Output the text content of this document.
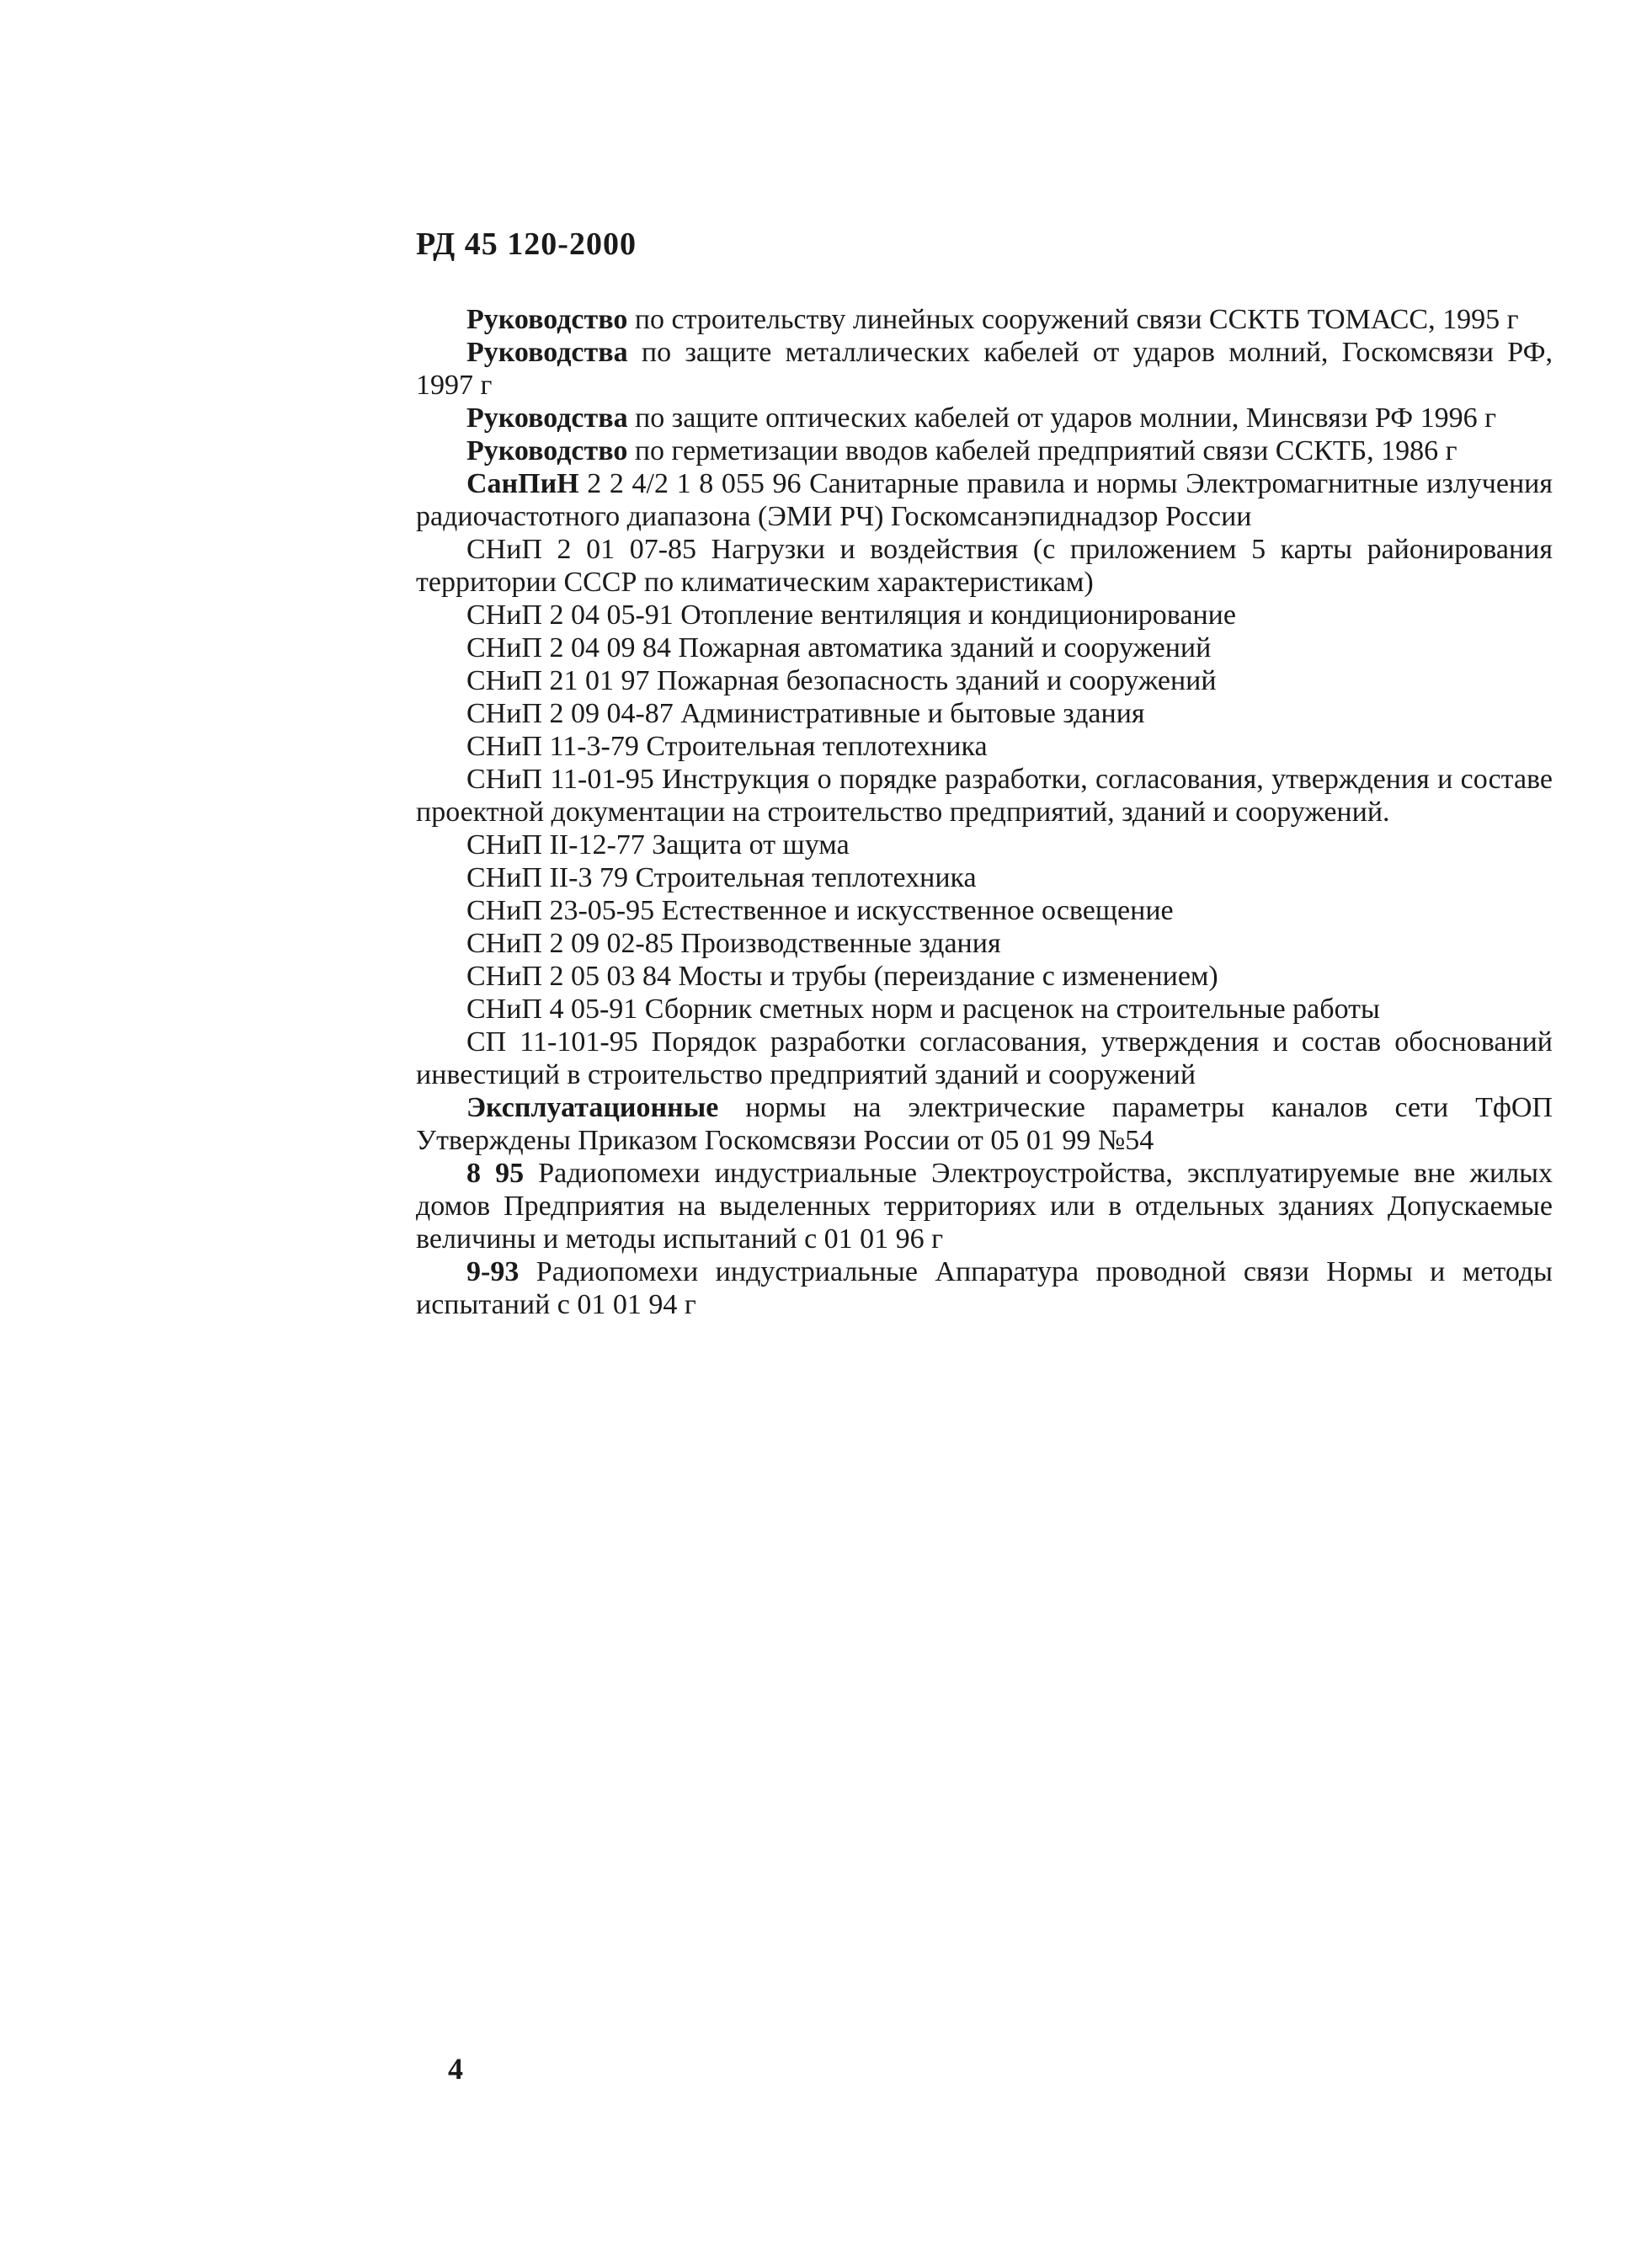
РД 45 120-2000

Руководство по строительству линейных сооружений связи ССКТБ ТОМАСС, 1995 г

Руководства по защите металлических кабелей от ударов молний, Госкомсвязи РФ, 1997 г

Руководства по защите оптических кабелей от ударов молнии, Минсвязи РФ 1996 г

Руководство по герметизации вводов кабелей предприятий связи ССКТБ, 1986 г

СанПиН 2 2 4/2 1 8 055 96 Санитарные правила и нормы Электромагнитные излучения радиочастотного диапазона (ЭМИ РЧ) Госкомсанэпиднадзор России

СНиП 2 01 07-85 Нагрузки и воздействия (с приложением 5 карты районирования территории СССР по климатическим характеристикам)

СНиП 2 04 05-91 Отопление вентиляция и кондиционирование

СНиП 2 04 09 84 Пожарная автоматика зданий и сооружений

СНиП 21 01 97 Пожарная безопасность зданий и сооружений

СНиП 2 09 04-87 Административные и бытовые здания

СНиП 11-3-79 Строительная теплотехника

СНиП 11-01-95 Инструкция о порядке разработки, согласования, утверждения и составе проектной документации на строительство предприятий, зданий и сооружений.

СНиП II-12-77 Защита от шума

СНиП II-3 79 Строительная теплотехника

СНиП 23-05-95 Естественное и искусственное освещение

СНиП 2 09 02-85 Производственные здания

СНиП 2 05 03 84 Мосты и трубы (переиздание с изменением)

СНиП 4 05-91 Сборник сметных норм и расценок на строительные работы

СП 11-101-95 Порядок разработки согласования, утверждения и состав обоснований инвестиций в строительство предприятий зданий и сооружений

Эксплуатационные нормы на электрические параметры каналов сети ТфОП Утверждены Приказом Госкомсвязи России от 05 01 99 №54

8 95 Радиопомехи индустриальные Электроустройства, эксплуатируемые вне жилых домов Предприятия на выделенных территориях или в отдельных зданиях Допускаемые величины и методы испытаний с 01 01 96 г

9-93 Радиопомехи индустриальные Аппаратура проводной связи Нормы и методы испытаний с 01 01 94 г

4
